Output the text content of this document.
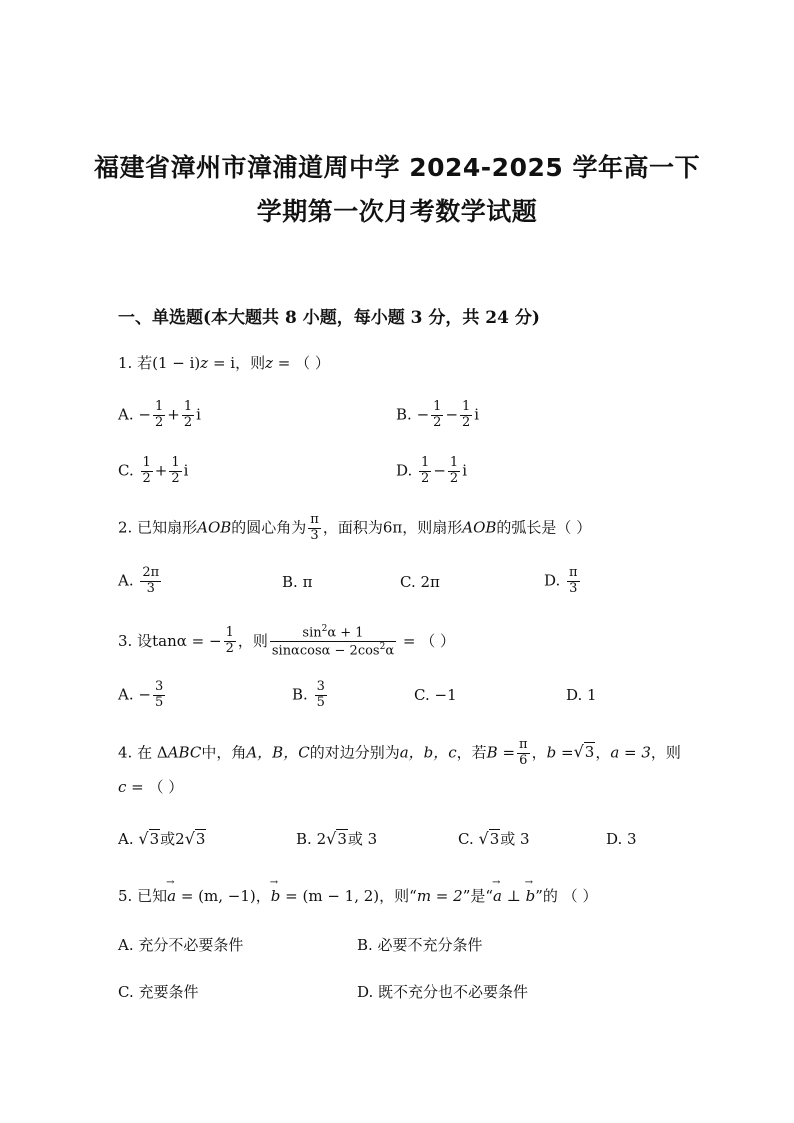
福建省漳州市漳浦道周中学 2024-2025 学年高一下
学期第一次月考数学试题
一、单选题(本大题共 8 小题，每小题 3 分，共 24 分)
1. 若(1 − i)z = i，则z = （ ）
A. − $\frac{1}{2} + \frac{1}{2}$ i	B. − $\frac{1}{2} - \frac{1}{2}$ i
C. $\frac{1}{2} + \frac{1}{2}$ i	D. $\frac{1}{2} - \frac{1}{2}$ i
2. 已知扇形AOB的圆心角为 $\frac{\pi}{3}$ ，面积为6π，则扇形AOB的弧长是（ ）
A. $\frac{2\pi}{3}$	B. π	C. 2π	D. $\frac{\pi}{3}$
3. 设tanα = − $\frac{1}{2}$ ，则 $\frac{\sin^2\alpha + 1}{\sin\alpha\cos\alpha - 2\cos^2\alpha}$ = （ ）
A. − $\frac{3}{5}$	B. $\frac{3}{5}$	C. −1	D. 1
4. 在 ΔABC中，角A，B，C的对边分别为a，b，c，若$B = \frac{\pi}{6}$ ，b = √ 3 ，a = 3，则
c = （ ）
A. √ 3 或2 √ 3	B. 2 √ 3 或 3	C. √ 3 或 3	D. 3
5. 已知→ a = (m, −1)，→ b = (m − 1, 2)，则“m = 2”是“→ a ⊥ → b”的 （ ）
A. 充分不必要条件	B. 必要不充分条件
C. 充要条件	D. 既不充分也不必要条件
